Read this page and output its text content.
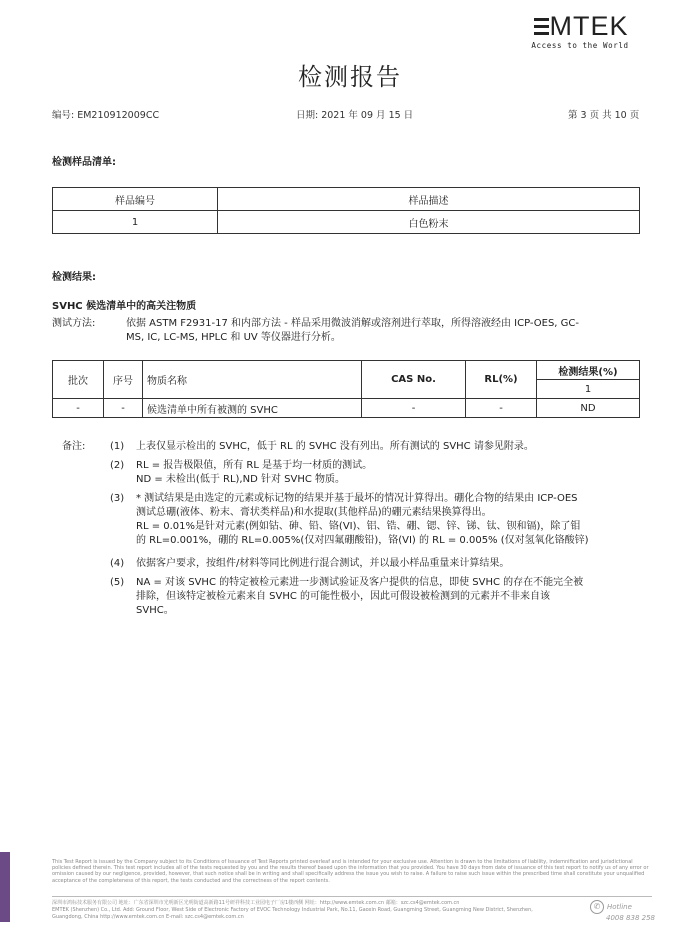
MTEK
Access to the World
检测报告
编号: EM210912009CC	日期: 2021 年 09 月 15 日	第 3 页 共 10 页
检测样品清单:
样品编号	样品描述
1	白色粉末
检测结果:
SVHC 候选清单中的高关注物质
测试方法:	依据 ASTM F2931-17 和内部方法 - 样品采用微波消解或溶剂进行萃取，所得溶液经由 ICP-OES, GC-
MS, IC, LC-MS, HPLC 和 UV 等仪器进行分析。
批次	序号	物质名称	CAS No.	RL(%)	检测结果(%)
					1
-	-	候选清单中所有被测的 SVHC	-	-	ND
备注: (1) 上表仅显示检出的 SVHC，低于 RL 的 SVHC 没有列出。所有测试的 SVHC 请参见附录。
(2) RL = 报告极限值，所有 RL 是基于均一材质的测试。
ND = 未检出(低于 RL),ND 针对 SVHC 物质。
(3) * 测试结果是由选定的元素或标记物的结果并基于最坏的情况计算得出。硼化合物的结果由 ICP-OES
测试总硼(液体、粉末、膏状类样品)和水提取(其他样品)的硼元素结果换算得出。
RL = 0.01%是针对元素(例如钴、砷、铅、铬(VI)、铝、锆、硼、锶、锌、锑、钛、钡和镉)，除了钼
的 RL=0.001%，硼的 RL=0.005%(仅对四氟硼酸铅)，铬(VI) 的 RL = 0.005% (仅对氢氧化铬酸锌)
(4) 依据客户要求，按组件/材料等同比例进行混合测试，并以最小样品重量来计算结果。
(5) NA = 对该 SVHC 的特定被检元素进一步测试验证及客户提供的信息，即使 SVHC 的存在不能完全被
排除，但该特定被检元素来自 SVHC 的可能性极小，因此可假设被检测到的元素并不非来自该
SVHC。
This Test Report is issued by the Company subject to its Conditions of Issuance of Test Reports printed overleaf and is intended for your exclusive use. Attention is drawn to the limitations of liability, indemnification and jurisdictional policies defined therein. This test report includes all of the tests requested by you and the results thereof based upon the information that you provided. You have 30 days from date of issuance of this test report to notify us of any error or omission caused by our negligence, provided, however, that such notice shall be in writing and shall specifically address the issue you wish to raise. A failure to raise such issue within the prescribed time shall constitute your unqualified acceptance of the completeness of this report, the tests conducted and the correctness of the report contents.
深圳市鸿标技术服务有限公司 地址：广东省深圳市光明新区光明街道高新路11号研祥科技工业园电子厂房1楼西侧 网址：http://www.emtek.com.cn 邮箱：szc.cs4@emtek.com.cn
EMTEK (Shenzhen) Co., Ltd. Add: Ground Floor, West Side of Electronic Factory of EVOC Technology Industrial Park, No.11, Gaoxin Road, Guangming Street, Guangming New District, Shenzhen,
Guangdong, China http://www.emtek.com.cn E-mail: szc.cs4@emtek.com.cn
✆ Hotline
4008 838 258
